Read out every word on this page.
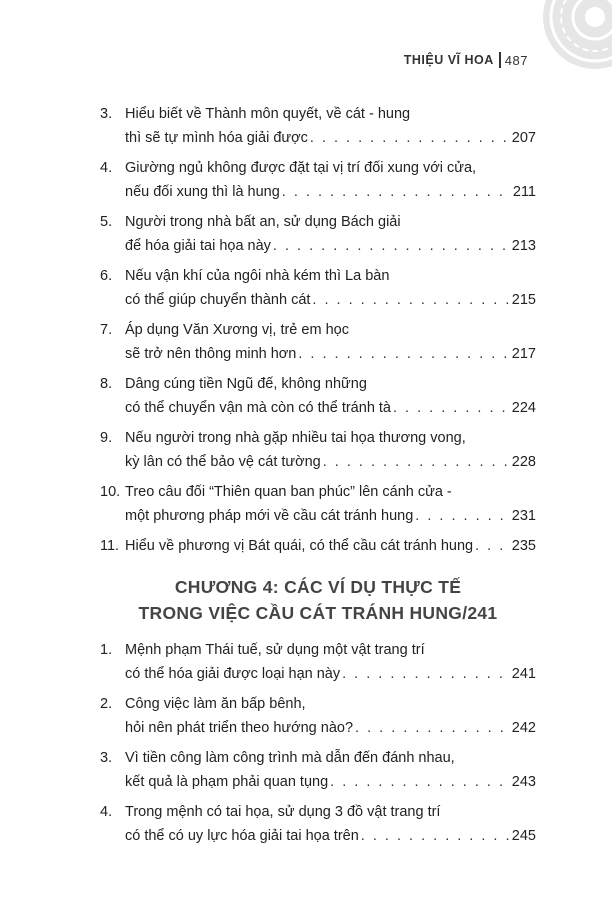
THIỆU VĨ HOA 487
3. Hiểu biết về Thành môn quyết, về cát - hung
thì sẽ tự mình hóa giải được . . .	207
4. Giường ngủ không được đặt tại vị trí đối xung với cửa,
nếu đối xung thì là hung . . .	211
5. Người trong nhà bất an, sử dụng Bách giải
để hóa giải tai họa này . . .	213
6. Nếu vận khí của ngôi nhà kém thì La bàn
có thể giúp chuyển thành cát . . .	215
7. Áp dụng Văn Xương vị, trẻ em học
sẽ trở nên thông minh hơn . . .	217
8. Dâng cúng tiền Ngũ đế, không những
có thể chuyển vận mà còn có thể tránh tà . . .	224
9. Nếu người trong nhà gặp nhiều tai họa thương vong,
kỳ lân có thể bảo vệ cát tường . . .	228
10. Treo câu đối “Thiên quan ban phúc” lên cánh cửa -
một phương pháp mới về cầu cát tránh hung . . .	231
11. Hiểu về phương vị Bát quái, có thể cầu cát tránh hung . . .	235
CHƯƠNG 4: CÁC VÍ DỤ THỰC TẾ
TRONG VIỆC CẦU CÁT TRÁNH HUNG/241
1. Mệnh phạm Thái tuế, sử dụng một vật trang trí
có thể hóa giải được loại hạn này . . .	241
2. Công việc làm ăn bấp bênh,
hỏi nên phát triển theo hướng nào? . . .	242
3. Vì tiền công làm công trình mà dẫn đến đánh nhau,
kết quả là phạm phải quan tụng . . .	243
4. Trong mệnh có tai họa, sử dụng 3 đồ vật trang trí
có thể có uy lực hóa giải tai họa trên . . .	245
